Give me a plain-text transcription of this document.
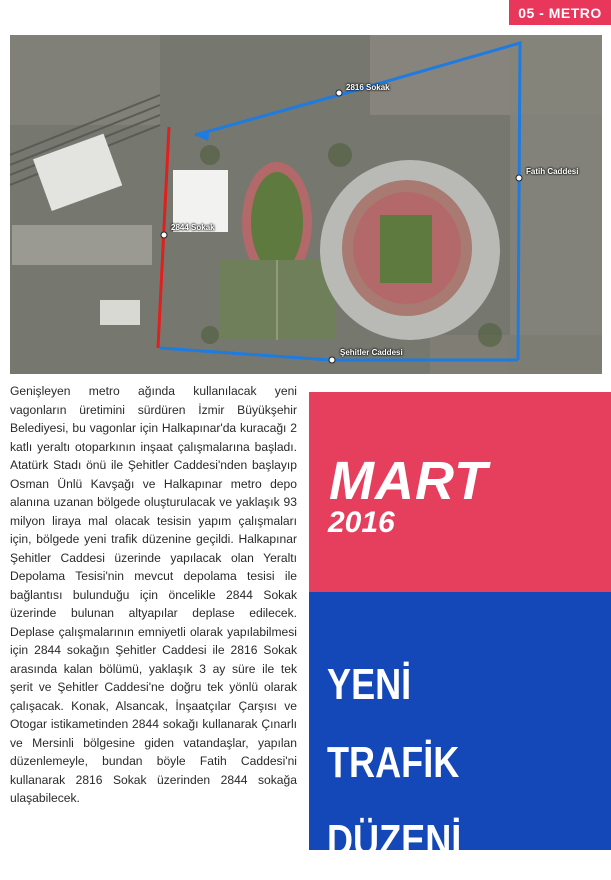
05 - METRO
2816 Sokak
Fatih Caddesi
2844 Sokak
Şehitler Caddesi

Genişleyen metro ağında kullanılacak yeni vagonların üretimini sürdüren İzmir Büyükşehir Belediyesi, bu vagonlar için Halkapınar'da kuracağı 2 katlı yeraltı otoparkının inşaat çalışmalarına başladı. Atatürk Stadı önü ile Şehitler Caddesi'nden başlayıp Osman Ünlü Kavşağı ve Halkapınar metro depo alanına uzanan bölgede oluşturulacak ve yaklaşık 93 milyon liraya mal olacak tesisin yapım çalışmaları için, bölgede yeni trafik düzenine geçildi. Halkapınar Şehitler Caddesi üzerinde yapılacak olan Yeraltı Depolama Tesisi'nin mevcut depolama tesisi ile bağlantısı bulunduğu için öncelikle 2844 Sokak üzerinde bulunan altyapılar deplase edilecek. Deplase çalışmalarının emniyetli olarak yapılabilmesi için 2844 sokağın Şehitler Caddesi ile 2816 Sokak arasında kalan bölümü, yaklaşık 3 ay süre ile tek şerit ve Şehitler Caddesi'ne doğru tek yönlü olarak çalışacak. Konak, Alsancak, İnşaatçılar Çarşısı ve Otogar istikametinden 2844 sokağı kullanarak Çınarlı ve Mersinli bölgesine giden vatandaşlar, yapılan düzenlemeyle, bundan böyle Fatih Caddesi'ni kullanarak 2816 Sokak üzerinden 2844 sokağa ulaşabilecek.

MART
2016
YENİ
TRAFİK DÜZENİ
